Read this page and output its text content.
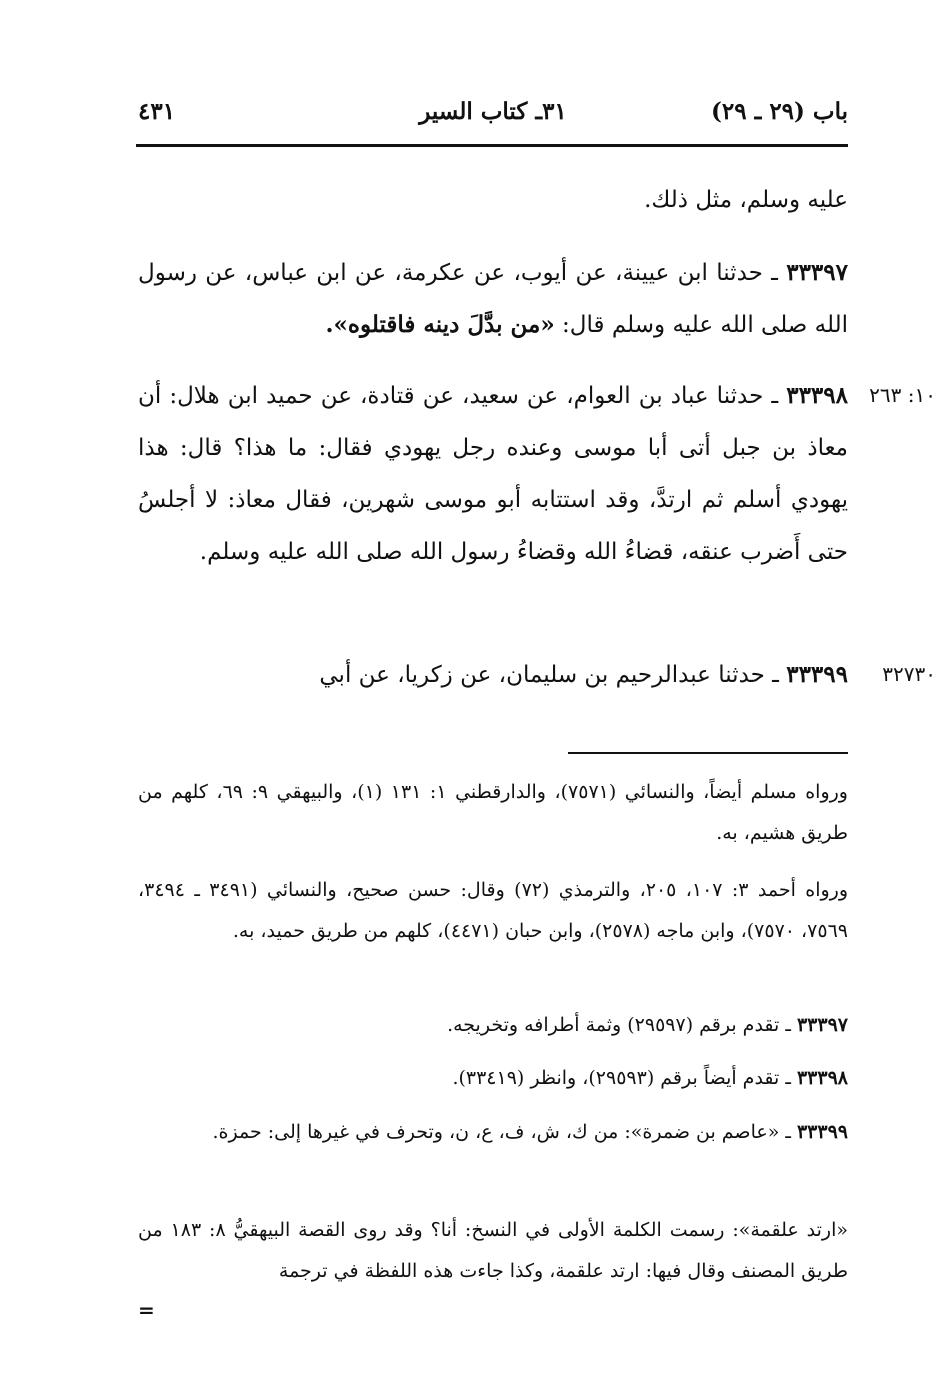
باب (٢٩ ـ ٢٩)
٣١ـ كتاب السير
٤٣١
عليه وسلم، مثل ذلك.
٣٣٣٩٧ ـ حدثنا ابن عيينة، عن أيوب، عن عكرمة، عن ابن عباس، عن رسول الله صلى الله عليه وسلم قال: «من بدَّلَ دينه فاقتلوه».
١٠: ٢٦٣
٣٣٣٩٨ ـ حدثنا عباد بن العوام، عن سعيد، عن قتادة، عن حميد ابن هلال: أن معاذ بن جبل أتى أبا موسى وعنده رجل يهودي فقال: ما هذا؟ قال: هذا يهودي أسلم ثم ارتدَّ، وقد استتابه أبو موسى شهرين، فقال معاذ: لا أجلسُ حتى أَضرب عنقه، قضاءُ الله وقضاءُ رسول الله صلى الله عليه وسلم.
٣٢٧٣٠
٣٣٣٩٩ ـ حدثنا عبدالرحيم بن سليمان، عن زكريا، عن أبي
ورواه مسلم أيضاً، والنسائي (٧٥٧١)، والدارقطني ١: ١٣١ (١)، والبيهقي ٩: ٦٩، كلهم من طريق هشيم، به.
ورواه أحمد ٣: ١٠٧، ٢٠٥، والترمذي (٧٢) وقال: حسن صحيح، والنسائي (٣٤٩١ ـ ٣٤٩٤، ٧٥٦٩، ٧٥٧٠)، وابن ماجه (٢٥٧٨)، وابن حبان (٤٤٧١)، كلهم من طريق حميد، به.
٣٣٣٩٧ ـ تقدم برقم (٢٩٥٩٧) وثمة أطرافه وتخريجه.
٣٣٣٩٨ ـ تقدم أيضاً برقم (٢٩٥٩٣)، وانظر (٣٣٤١٩).
٣٣٣٩٩ ـ «عاصم بن ضمرة»: من ك، ش، ف، ع، ن، وتحرف في غيرها إلى: حمزة.
«ارتد علقمة»: رسمت الكلمة الأولى في النسخ: أنا؟ وقد روى القصة البيهقيُّ ٨: ١٨٣ من طريق المصنف وقال فيها: ارتد علقمة، وكذا جاءت هذه اللفظة في ترجمة
=
